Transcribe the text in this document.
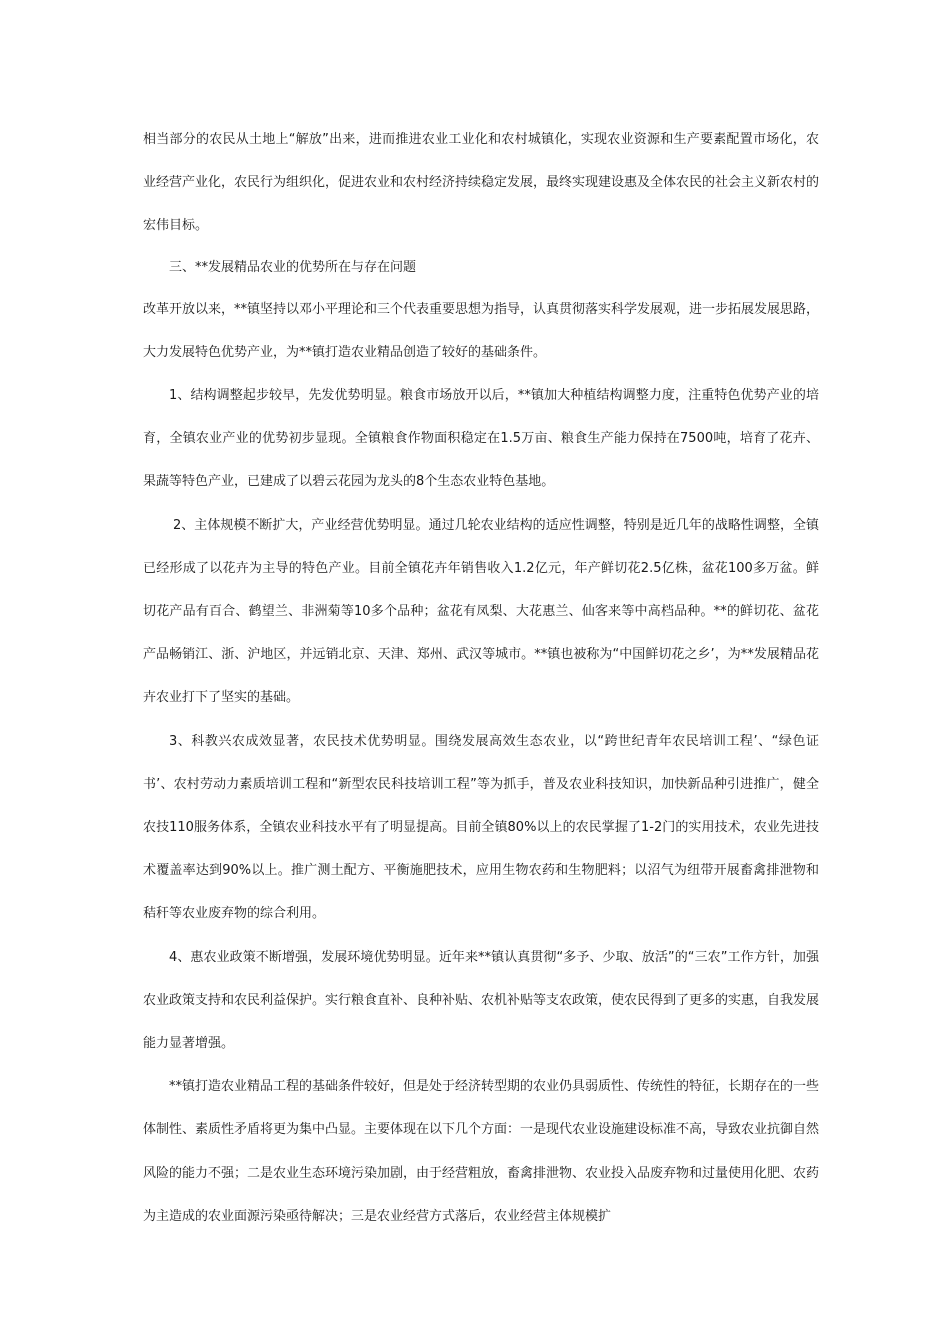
相当部分的农民从土地上“解放”出来，进而推进农业工业化和农村城镇化，实现农业资源和生产要素配置市场化，农业经营产业化，农民行为组织化，促进农业和农村经济持续稳定发展，最终实现建设惠及全体农民的社会主义新农村的宏伟目标。

三、**发展精品农业的优势所在与存在问题

改革开放以来，**镇坚持以邓小平理论和三个代表重要思想为指导，认真贯彻落实科学发展观，进一步拓展发展思路，大力发展特色优势产业，为**镇打造农业精品创造了较好的基础条件。

1、结构调整起步较早，先发优势明显。粮食市场放开以后，**镇加大种植结构调整力度，注重特色优势产业的培育，全镇农业产业的优势初步显现。全镇粮食作物面积稳定在1.5万亩、粮食生产能力保持在7500吨，培育了花卉、果蔬等特色产业，已建成了以碧云花园为龙头的8个生态农业特色基地。

2、主体规模不断扩大，产业经营优势明显。通过几轮农业结构的适应性调整，特别是近几年的战略性调整，全镇已经形成了以花卉为主导的特色产业。目前全镇花卉年销售收入1.2亿元，年产鲜切花2.5亿株，盆花100多万盆。鲜切花产品有百合、鹤望兰、非洲菊等10多个品种；盆花有凤梨、大花惠兰、仙客来等中高档品种。**的鲜切花、盆花产品畅销江、浙、沪地区，并远销北京、天津、郑州、武汉等城市。**镇也被称为“中国鲜切花之乡’，为**发展精品花卉农业打下了坚实的基础。

3、科教兴农成效显著，农民技术优势明显。围绕发展高效生态农业，以“跨世纪青年农民培训工程’、“绿色证书’、农村劳动力素质培训工程和“新型农民科技培训工程”等为抓手，普及农业科技知识，加快新品种引进推广，健全农技110服务体系，全镇农业科技水平有了明显提高。目前全镇80%以上的农民掌握了1-2门的实用技术，农业先进技术覆盖率达到90%以上。推广测土配方、平衡施肥技术，应用生物农药和生物肥料；以沼气为纽带开展畜禽排泄物和秸秆等农业废弃物的综合利用。

4、惠农业政策不断增强，发展环境优势明显。近年来**镇认真贯彻“多予、少取、放活”的“三农”工作方针，加强农业政策支持和农民利益保护。实行粮食直补、良种补贴、农机补贴等支农政策，使农民得到了更多的实惠，自我发展能力显著增强。

**镇打造农业精品工程的基础条件较好，但是处于经济转型期的农业仍具弱质性、传统性的特征，长期存在的一些体制性、素质性矛盾将更为集中凸显。主要体现在以下几个方面：一是现代农业设施建设标准不高，导致农业抗御自然风险的能力不强；二是农业生态环境污染加剧，由于经营粗放，畜禽排泄物、农业投入品废弃物和过量使用化肥、农药为主造成的农业面源污染亟待解决；三是农业经营方式落后，农业经营主体规模扩
